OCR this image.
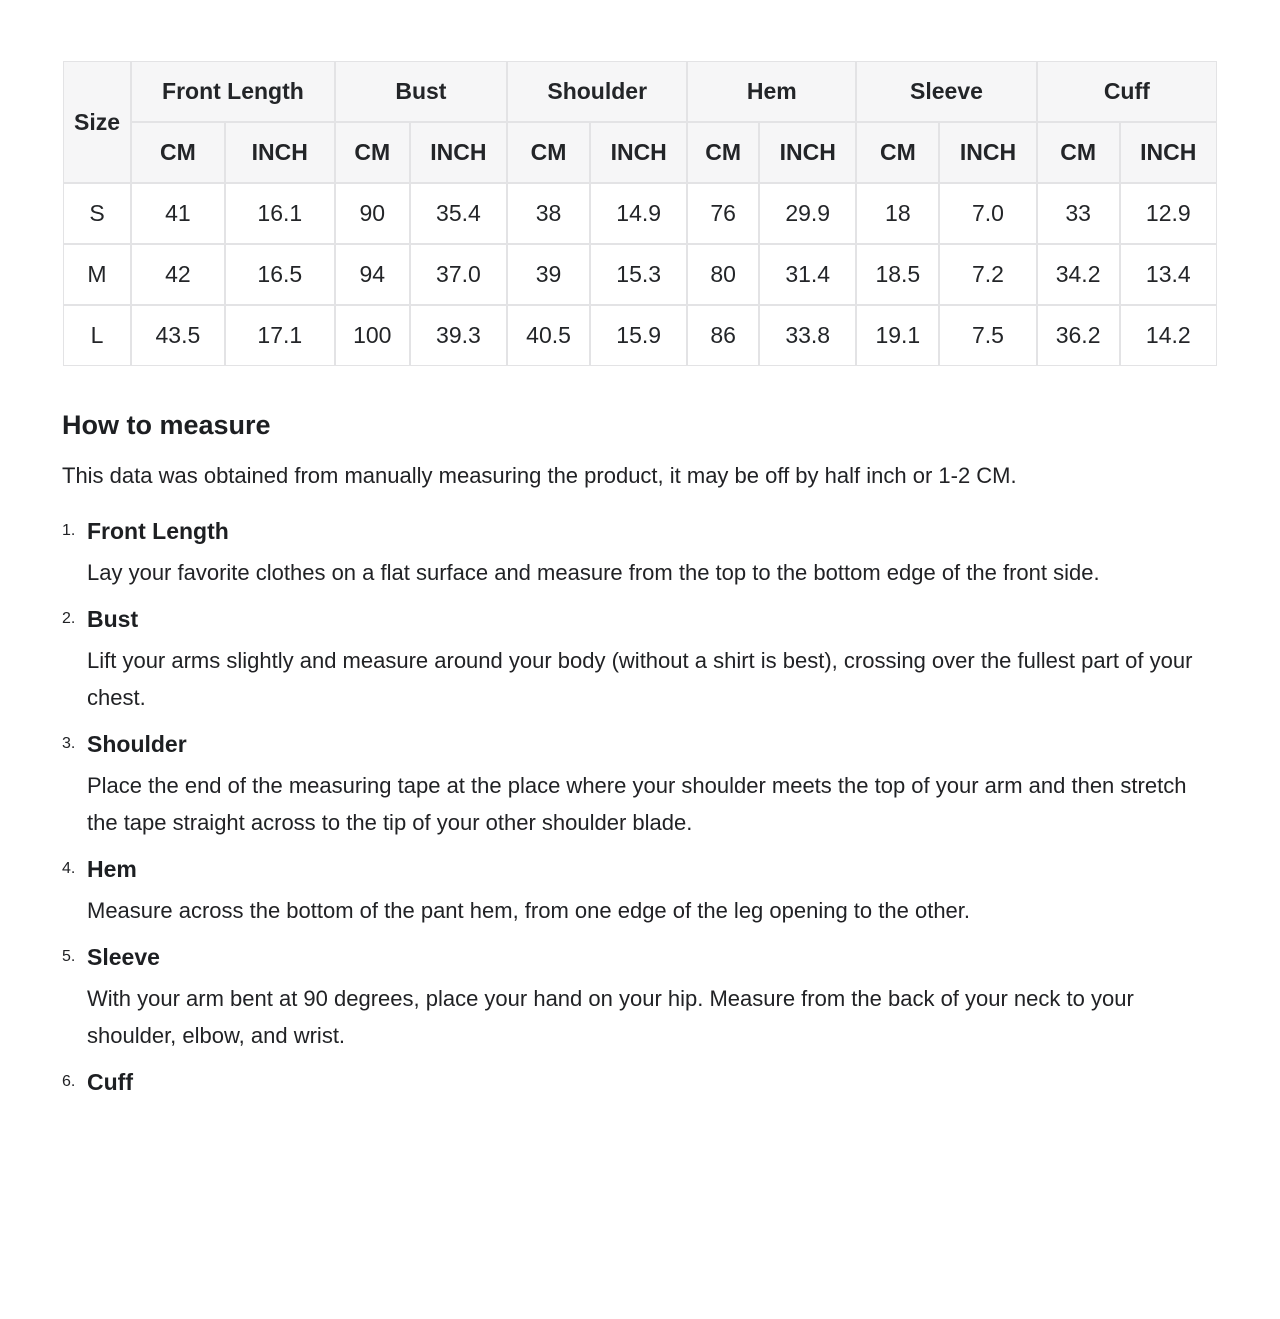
Size	Front Length		Bust		Shoulder		Hem		Sleeve		Cuff	
	CM	INCH	CM	INCH	CM	INCH	CM	INCH	CM	INCH	CM	INCH
S	41	16.1	90	35.4	38	14.9	76	29.9	18	7.0	33	12.9
M	42	16.5	94	37.0	39	15.3	80	31.4	18.5	7.2	34.2	13.4
L	43.5	17.1	100	39.3	40.5	15.9	86	33.8	19.1	7.5	36.2	14.2
How to measure

This data was obtained from manually measuring the product, it may be off by half inch or 1-2 CM.

1. Front Length

Lay your favorite clothes on a flat surface and measure from the top to the bottom edge of the front side.

2. Bust

Lift your arms slightly and measure around your body (without a shirt is best), crossing over the fullest part of your chest.

3. Shoulder

Place the end of the measuring tape at the place where your shoulder meets the top of your arm and then stretch the tape straight across to the tip of your other shoulder blade.

4. Hem

Measure across the bottom of the pant hem, from one edge of the leg opening to the other.

5. Sleeve

With your arm bent at 90 degrees, place your hand on your hip. Measure from the back of your neck to your shoulder, elbow, and wrist.

6. Cuff
